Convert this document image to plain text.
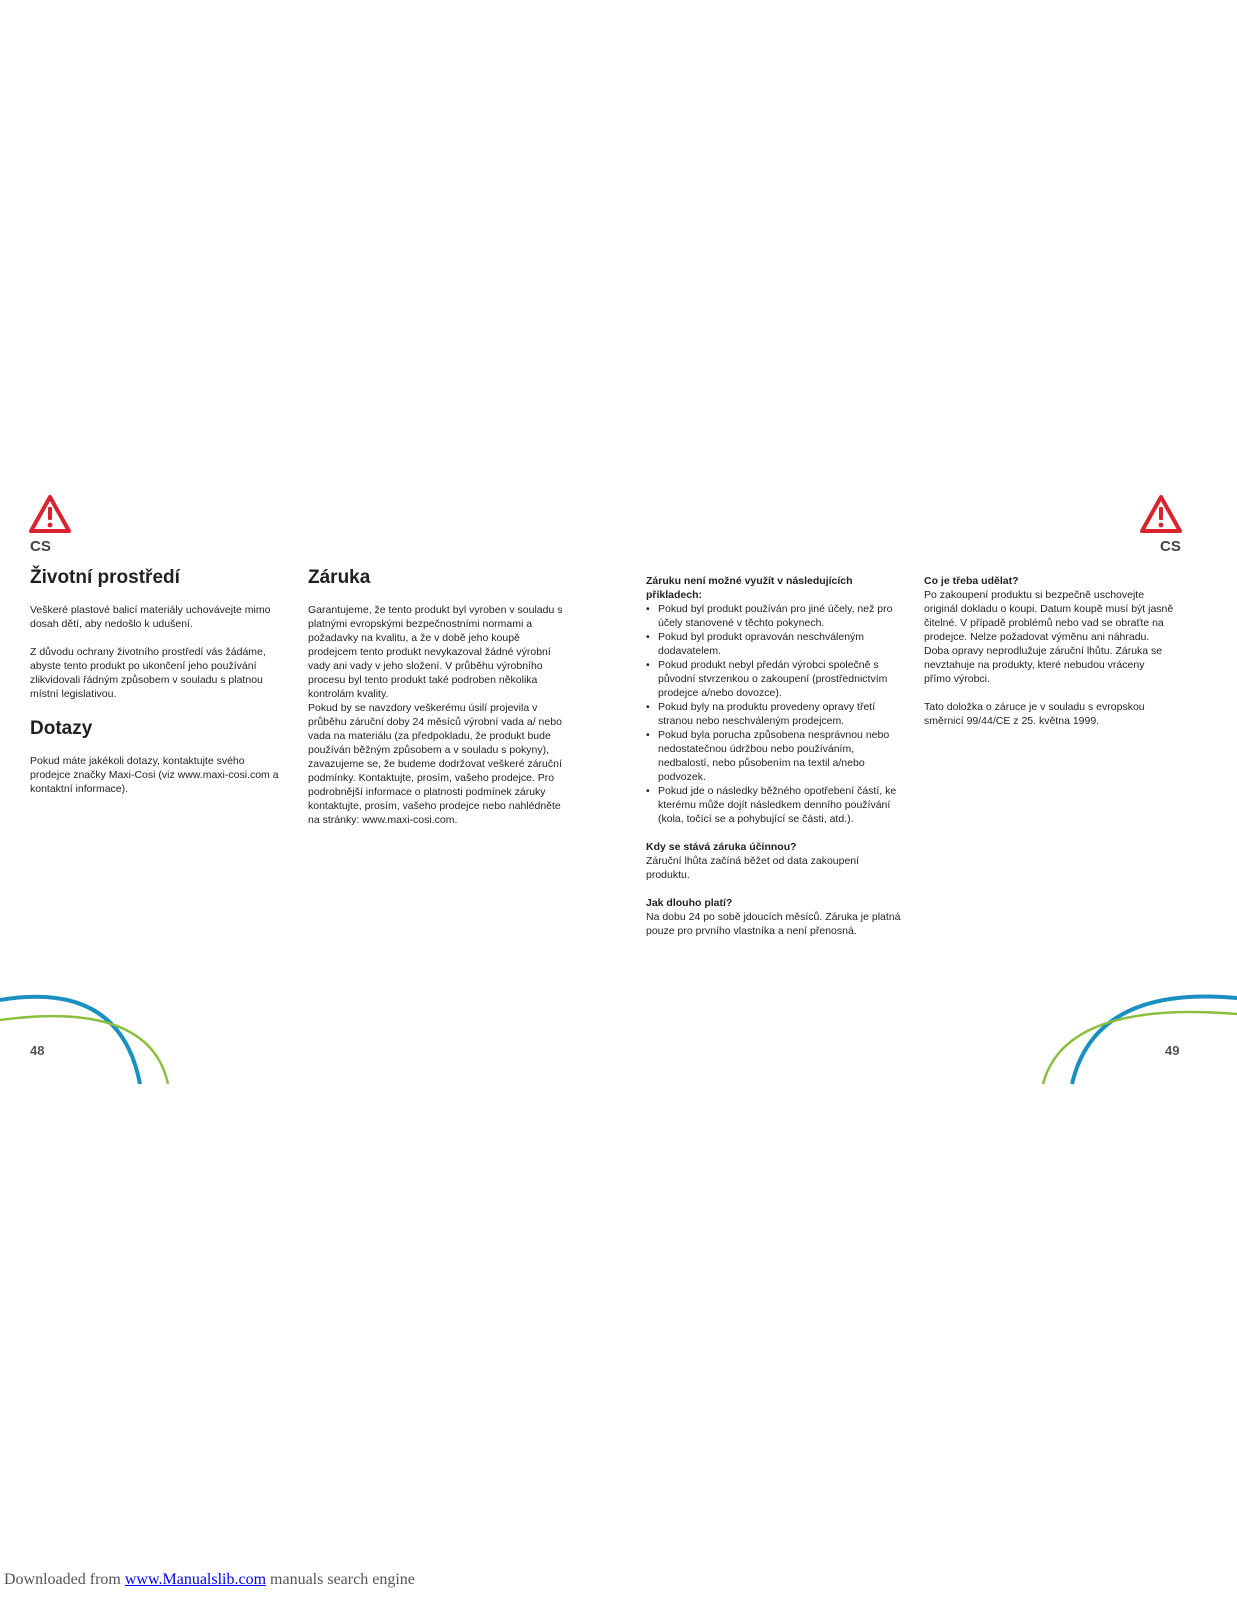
CS	CS
Životní prostředí

Veškeré plastové balicí materiály uchovávejte mimo dosah dětí, aby nedošlo k udušení.

Z důvodu ochrany životního prostředí vás žádáme, abyste tento produkt po ukončení jeho používání zlikvidovali řádným způsobem v souladu s platnou místní legislativou.

Dotazy

Pokud máte jakékoli dotazy, kontaktujte svého prodejce značky Maxi-Cosi (viz www.maxi-cosi.com a kontaktní informace).

Záruka

Garantujeme, že tento produkt byl vyroben v souladu s platnými evropskými bezpečnostními normami a požadavky na kvalitu, a že v době jeho koupě prodejcem tento produkt nevykazoval žádné výrobní vady ani vady v jeho složení. V průběhu výrobního procesu byl tento produkt také podroben několika kontrolám kvality.

Pokud by se navzdory veškerému úsilí projevila v průběhu záruční doby 24 měsíců výrobní vada a/ nebo vada na materiálu (za předpokladu, že produkt bude používán běžným způsobem a v souladu s pokyny), zavazujeme se, že budeme dodržovat veškeré záruční podmínky. Kontaktujte, prosím, vašeho prodejce. Pro podrobnější informace o platnosti podmínek záruky kontaktujte, prosím, vašeho prodejce nebo nahlédněte na stránky: www.maxi-cosi.com.

Záruku není možné využít v následujících příkladech:

• Pokud byl produkt používán pro jiné účely, než pro účely stanovené v těchto pokynech.
• Pokud byl produkt opravován neschváleným dodavatelem.
• Pokud produkt nebyl předán výrobci společně s původní stvrzenkou o zakoupení (prostřednictvím prodejce a/nebo dovozce).
• Pokud byly na produktu provedeny opravy třetí stranou nebo neschváleným prodejcem.
• Pokud byla porucha způsobena nesprávnou nebo nedostatečnou údržbou nebo používáním, nedbalostí, nebo působením na textil a/nebo podvozek.
• Pokud jde o následky běžného opotřebení částí, ke kterému může dojít následkem denního používání (kola, točící se a pohybující se části, atd.).

Kdy se stává záruka účinnou?

Záruční lhůta začíná běžet od data zakoupení produktu.

Jak dlouho platí?

Na dobu 24 po sobě jdoucích měsíců. Záruka je platná pouze pro prvního vlastníka a není přenosná.

Co je třeba udělat?

Po zakoupení produktu si bezpečně uschovejte originál dokladu o koupi. Datum koupě musí být jasně čitelné. V případě problémů nebo vad se obraťte na prodejce. Nelze požadovat výměnu ani náhradu. Doba opravy neprodlužuje záruční lhůtu. Záruka se nevztahuje na produkty, které nebudou vráceny přímo výrobci.

Tato doložka o záruce je v souladu s evropskou směrnicí 99/44/CE z 25. května 1999.

48	49
Downloaded from www.Manualslib.com manuals search engine
